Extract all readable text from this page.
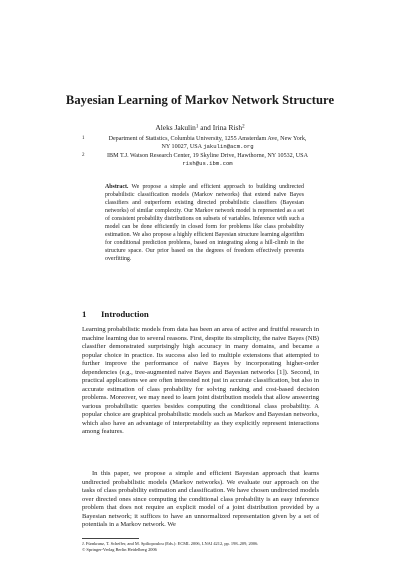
Bayesian Learning of Markov Network Structure
Aleks Jakulin$^1$ and Irina Rish$^2$
1	Department of Statistics, Columbia University, 1255 Amsterdam Ave, New York,
NY 10027, USA jakulin@acm.org
2	IBM T.J. Watson Research Center, 19 Skyline Drive, Hawthorne, NY 10532, USA
rish@us.ibm.com
Abstract. We propose a simple and efficient approach to building undirected probabilistic classification models (Markov networks) that extend naïve Bayes classifiers and outperform existing directed probabilistic classifiers (Bayesian networks) of similar complexity. Our Markov network model is represented as a set of consistent probability distributions on subsets of variables. Inference with such a model can be done efficiently in closed form for problems like class probability estimation. We also propose a highly efficient Bayesian structure learning algorithm for conditional prediction problems, based on integrating along a hill-climb in the structure space. Our prior based on the degrees of freedom effectively prevents overfitting.
1 Introduction
Learning probabilistic models from data has been an area of active and fruitful research in machine learning due to several reasons. First, despite its simplicity, the naive Bayes (NB) classifier demonstrated surprisingly high accuracy in many domains, and became a popular choice in practice. Its success also led to multiple extensions that attempted to further improve the performance of naive Bayes by incorporating higher-order dependencies (e.g., tree-augmented naive Bayes and Bayesian networks [1]). Second, in practical applications we are often interested not just in accurate classification, but also in accurate estimation of class probability for solving ranking and cost-based decision problems. Moreover, we may need to learn joint distribution models that allow answering various probabilistic queries besides computing the conditional class probability. A popular choice are graphical probabilistic models such as Markov and Bayesian networks, which also have an advantage of interpretability as they explicitly represent interactions among features.
In this paper, we propose a simple and efficient Bayesian approach that learns undirected probabilistic models (Markov networks). We evaluate our approach on the tasks of class probability estimation and classification. We have chosen undirected models over directed ones since computing the conditional class probability is an easy inference problem that does not require an explicit model of a joint distribution provided by a Bayesian network; it suffices to have an unnormalized representation given by a set of potentials in a Markov network. We
J. Fürnkranz, T. Scheffer, and M. Spiliopoulou (Eds.): ECML 2006, LNAI 4212, pp. 198–209, 2006.
© Springer-Verlag Berlin Heidelberg 2006
